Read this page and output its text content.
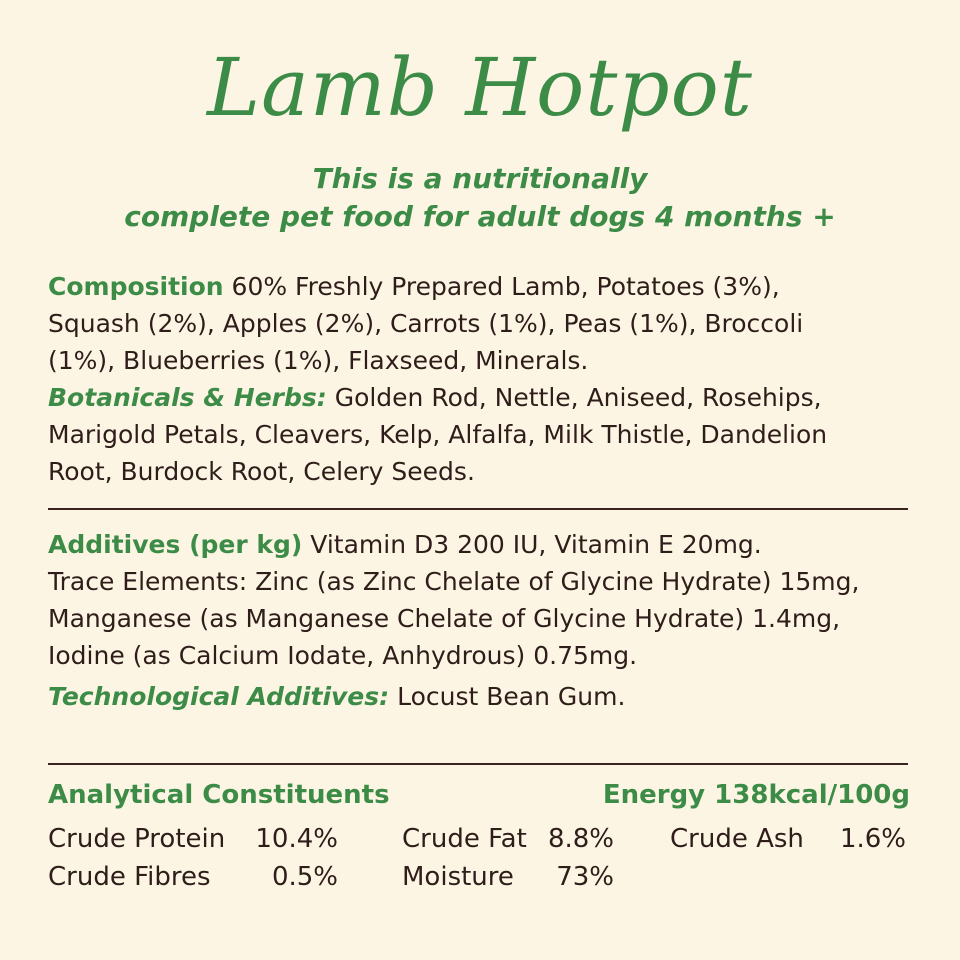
Lamb Hotpot
This is a nutritionally
complete pet food for adult dogs 4 months +
Composition 60% Freshly Prepared Lamb, Potatoes (3%),
Squash (2%), Apples (2%), Carrots (1%), Peas (1%), Broccoli
(1%), Blueberries (1%), Flaxseed, Minerals.
Botanicals & Herbs: Golden Rod, Nettle, Aniseed, Rosehips,
Marigold Petals, Cleavers, Kelp, Alfalfa, Milk Thistle, Dandelion
Root, Burdock Root, Celery Seeds.
Additives (per kg) Vitamin D3 200 IU, Vitamin E 20mg.
Trace Elements: Zinc (as Zinc Chelate of Glycine Hydrate) 15mg,
Manganese (as Manganese Chelate of Glycine Hydrate) 1.4mg,
Iodine (as Calcium Iodate, Anhydrous) 0.75mg.
Technological Additives: Locust Bean Gum.
Analytical Constituents	Energy 138kcal/100g
Crude Protein	10.4% Crude Fat 8.8% Crude Ash	1.6%
Crude Fibres	0.5% Moisture	73%
